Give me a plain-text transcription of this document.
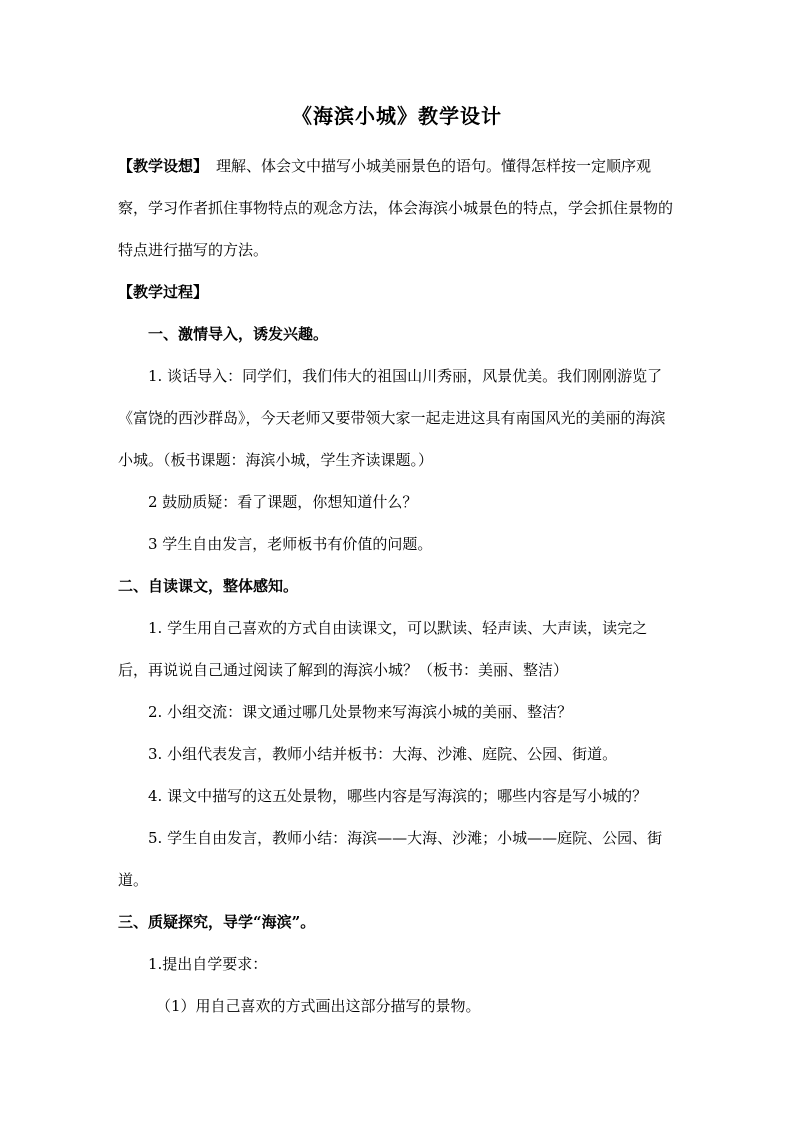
《海滨小城》教学设计

【教学设想】 理解、体会文中描写小城美丽景色的语句。懂得怎样按一定顺序观察，学习作者抓住事物特点的观念方法，体会海滨小城景色的特点，学会抓住景物的特点进行描写的方法。

【教学过程】

一、激情导入，诱发兴趣。

1. 谈话导入：同学们，我们伟大的祖国山川秀丽，风景优美。我们刚刚游览了《富饶的西沙群岛》，今天老师又要带领大家一起走进这具有南国风光的美丽的海滨小城。（板书课题：海滨小城，学生齐读课题。）

2 鼓励质疑：看了课题，你想知道什么？

3 学生自由发言，老师板书有价值的问题。

二、自读课文，整体感知。

1. 学生用自己喜欢的方式自由读课文，可以默读、轻声读、大声读，读完之后，再说说自己通过阅读了解到的海滨小城？（板书：美丽、整洁）

2. 小组交流：课文通过哪几处景物来写海滨小城的美丽、整洁？

3. 小组代表发言，教师小结并板书：大海、沙滩、庭院、公园、街道。

4. 课文中描写的这五处景物，哪些内容是写海滨的；哪些内容是写小城的？

5. 学生自由发言，教师小结：海滨——大海、沙滩；小城——庭院、公园、街道。

三、质疑探究，导学“海滨”。

1.提出自学要求：

（1）用自己喜欢的方式画出这部分描写的景物。
